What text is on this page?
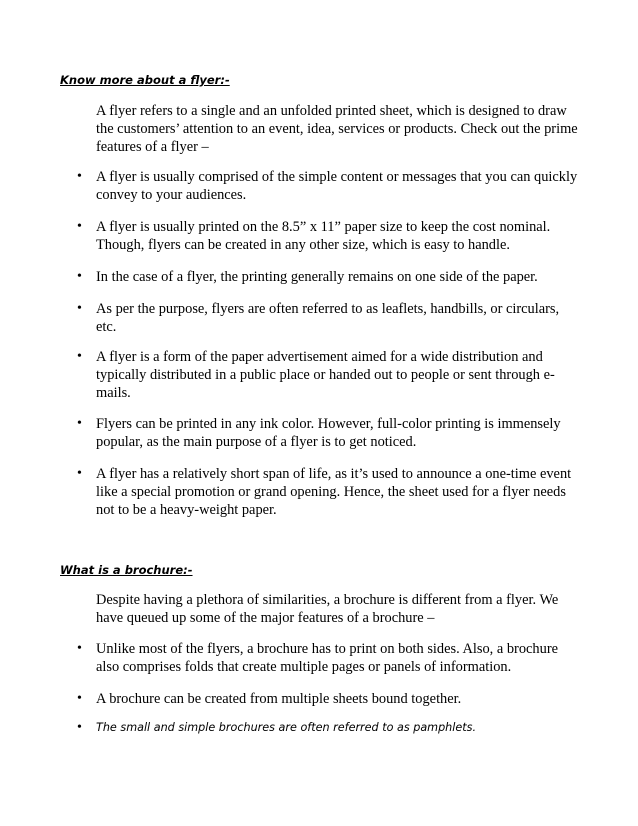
Know more about a flyer:-
A flyer refers to a single and an unfolded printed sheet, which is designed to draw the customers’ attention to an event, idea, services or products. Check out the prime features of a flyer –
• A flyer is usually comprised of the simple content or messages that you can quickly convey to your audiences.
• A flyer is usually printed on the 8.5” x 11” paper size to keep the cost nominal. Though, flyers can be created in any other size, which is easy to handle.
• In the case of a flyer, the printing generally remains on one side of the paper.
• As per the purpose, flyers are often referred to as leaflets, handbills, or circulars, etc.
• A flyer is a form of the paper advertisement aimed for a wide distribution and typically distributed in a public place or handed out to people or sent through e-mails.
• Flyers can be printed in any ink color. However, full-color printing is immensely popular, as the main purpose of a flyer is to get noticed.
• A flyer has a relatively short span of life, as it’s used to announce a one-time event like a special promotion or grand opening. Hence, the sheet used for a flyer needs not to be a heavy-weight paper.
What is a brochure:-
Despite having a plethora of similarities, a brochure is different from a flyer. We have queued up some of the major features of a brochure –
• Unlike most of the flyers, a brochure has to print on both sides. Also, a brochure also comprises folds that create multiple pages or panels of information.
• A brochure can be created from multiple sheets bound together.
• The small and simple brochures are often referred to as pamphlets.
